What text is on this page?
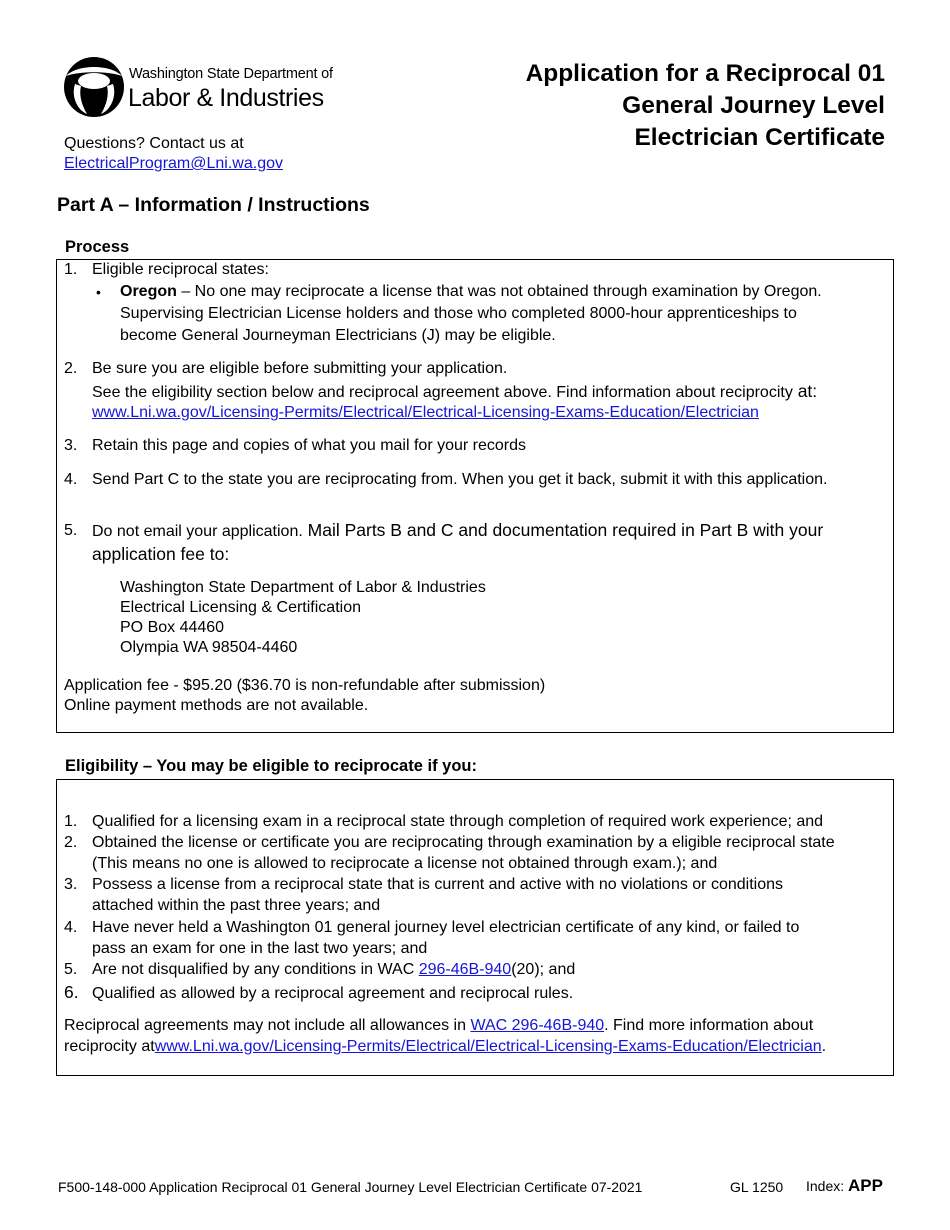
Washington State Department of
Labor & Industries
Application for a Reciprocal 01
General Journey Level
Electrician Certificate
Questions? Contact us at
ElectricalProgram@Lni.wa.gov
Part A – Information / Instructions
Process
1. Eligible reciprocal states:
• Oregon – No one may reciprocate a license that was not obtained through examination by Oregon.
Supervising Electrician License holders and those who completed 8000-hour apprenticeships to
become General Journeyman Electricians (J) may be eligible.
2. Be sure you are eligible before submitting your application.
See the eligibility section below and reciprocal agreement above. Find information about reciprocity at:
www.Lni.wa.gov/Licensing-Permits/Electrical/Electrical-Licensing-Exams-Education/Electrician
3. Retain this page and copies of what you mail for your records
4. Send Part C to the state you are reciprocating from. When you get it back, submit it with this application.
5. Do not email your application. Mail Parts B and C and documentation required in Part B with your
application fee to:
Washington State Department of Labor & Industries
Electrical Licensing & Certification
PO Box 44460
Olympia WA 98504-4460
Application fee - $95.20 ($36.70 is non-refundable after submission)
Online payment methods are not available.
Eligibility – You may be eligible to reciprocate if you:
1. Qualified for a licensing exam in a reciprocal state through completion of required work experience; and
2. Obtained the license or certificate you are reciprocating through examination by a eligible reciprocal state
(This means no one is allowed to reciprocate a license not obtained through exam.); and
3. Possess a license from a reciprocal state that is current and active with no violations or conditions
attached within the past three years; and
4. Have never held a Washington 01 general journey level electrician certificate of any kind, or failed to
pass an exam for one in the last two years; and
5. Are not disqualified by any conditions in WAC 296-46B-940(20); and
6. Qualified as allowed by a reciprocal agreement and reciprocal rules.
Reciprocal agreements may not include all allowances in WAC 296-46B-940. Find more information about
reciprocity atwww.Lni.wa.gov/Licensing-Permits/Electrical/Electrical-Licensing-Exams-Education/Electrician.
F500-148-000 Application Reciprocal 01 General Journey Level Electrician Certificate 07-2021	GL 1250 Index: APP
